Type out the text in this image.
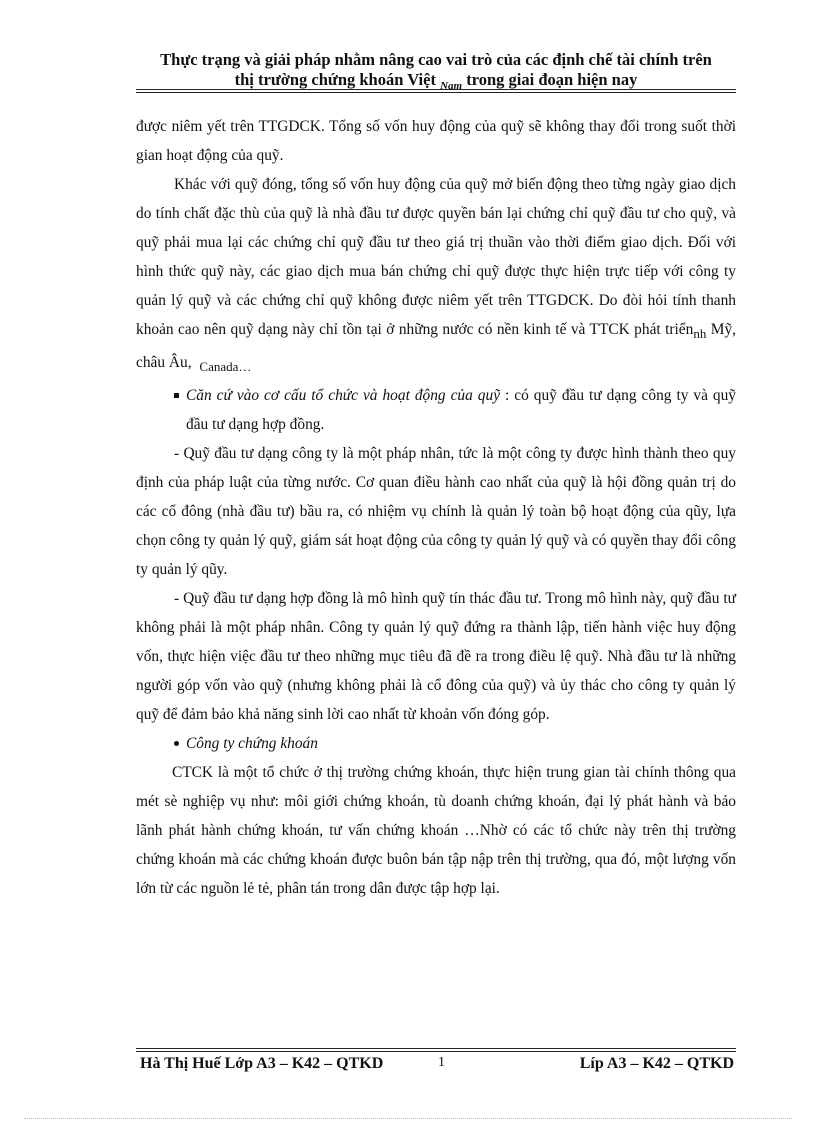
Thực trạng và giải pháp nhằm nâng cao vai trò của các định chế tài chính trên
thị trường chứng khoán Việt $_{Nam}$ trong giai đoạn hiện nay

được niêm yết trên TTGDCK. Tổng số vốn huy động của quỹ sẽ không thay đổi trong suốt thời gian hoạt động của quỹ.

Khác với quỹ đóng, tổng số vốn huy động của quỹ mở biến động theo từng ngày giao dịch do tính chất đặc thù của quỹ là nhà đầu tư được quyền bán lại chứng chỉ quỹ đầu tư cho quỹ, và quỹ phải mua lại các chứng chỉ quỹ đầu tư theo giá trị thuần vào thời điểm giao dịch. Đối với hình thức quỹ này, các giao dịch mua bán chứng chỉ quỹ được thực hiện trực tiếp với công ty quản lý quỹ và các chứng chỉ quỹ không được niêm yết trên TTGDCK. Do đòi hỏi tính thanh khoản cao nên quỹ dạng này chỉ tồn tại ở những nước có nền kinh tế và TTCK phát triển$_{nh}$ Mỹ, châu Âu, $_{Canada\dots}$

Căn cứ vào cơ cấu tổ chức và hoạt động của quỹ : có quỹ đầu tư dạng công ty và quỹ đầu tư dạng hợp đồng.

- Quỹ đầu tư dạng công ty là một pháp nhân, tức là một công ty được hình thành theo quy định của pháp luật của từng nước. Cơ quan điều hành cao nhất của quỹ là hội đồng quản trị do các cổ đông (nhà đầu tư) bầu ra, có nhiệm vụ chính là quản lý toàn bộ hoạt động của qũy, lựa chọn công ty quản lý quỹ, giám sát hoạt động của công ty quản lý quỹ và có quyền thay đổi công ty quản lý qũy.

- Quỹ đầu tư dạng hợp đồng là mô hình quỹ tín thác đầu tư. Trong mô hình này, quỹ đầu tư không phải là một pháp nhân. Công ty quản lý quỹ đứng ra thành lập, tiến hành việc huy động vốn, thực hiện việc đầu tư theo những mục tiêu đã đề ra trong điều lệ quỹ. Nhà đầu tư là những người góp vốn vào quỹ (nhưng không phải là cổ đông của quỹ) và ủy thác cho công ty quản lý quỹ để đảm bảo khả năng sinh lời cao nhất từ khoản vốn đóng góp.

Công ty chứng khoán

CTCK là một tổ chức ở thị trường chứng khoán, thực hiện trung gian tài chính thông qua mét sè nghiệp vụ như: môi giới chứng khoán, tù doanh chứng khoán, đại lý phát hành và bảo lãnh phát hành chứng khoán, tư vấn chứng khoán …Nhờ có các tổ chức này trên thị trường chứng khoán mà các chứng khoán được buôn bán tập nập trên thị trường, qua đó, một lượng vốn lớn từ các nguồn lẻ tẻ, phân tán trong dân được tập hợp lại.

Hà Thị Huế Lớp A3 – K42 – QTKD	1	Líp A3 – K42 – QTKD
